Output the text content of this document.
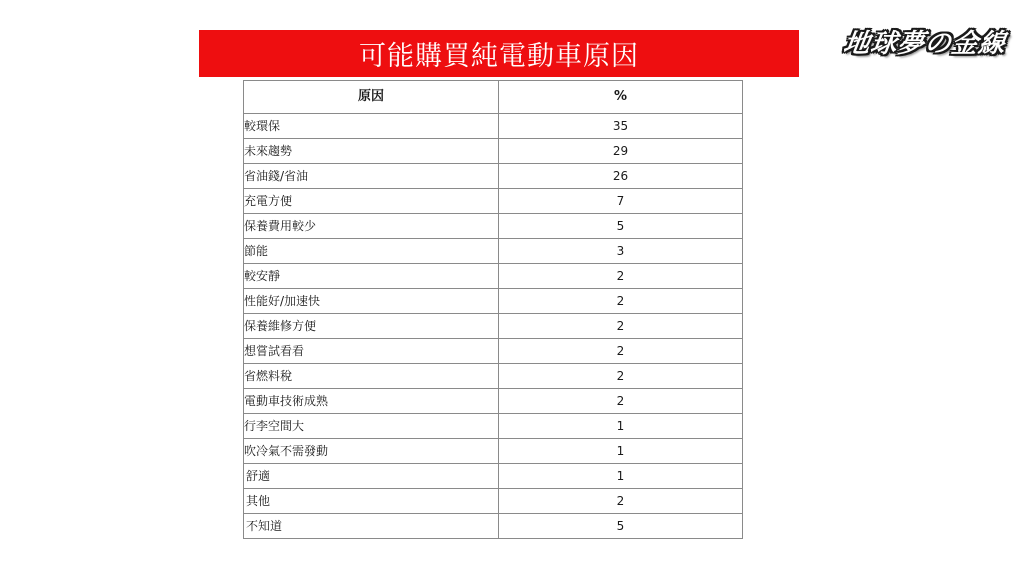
可能購買純電動車原因	地球夢の金線
原因	%
較環保	35
未來趨勢	29
省油錢/省油	26
充電方便	7
保養費用較少	5
節能	3
較安靜	2
性能好/加速快	2
保養維修方便	2
想嘗試看看	2
省燃料稅	2
電動車技術成熟	2
行李空間大	1
吹冷氣不需發動	1
舒適	1
其他	2
不知道	5
